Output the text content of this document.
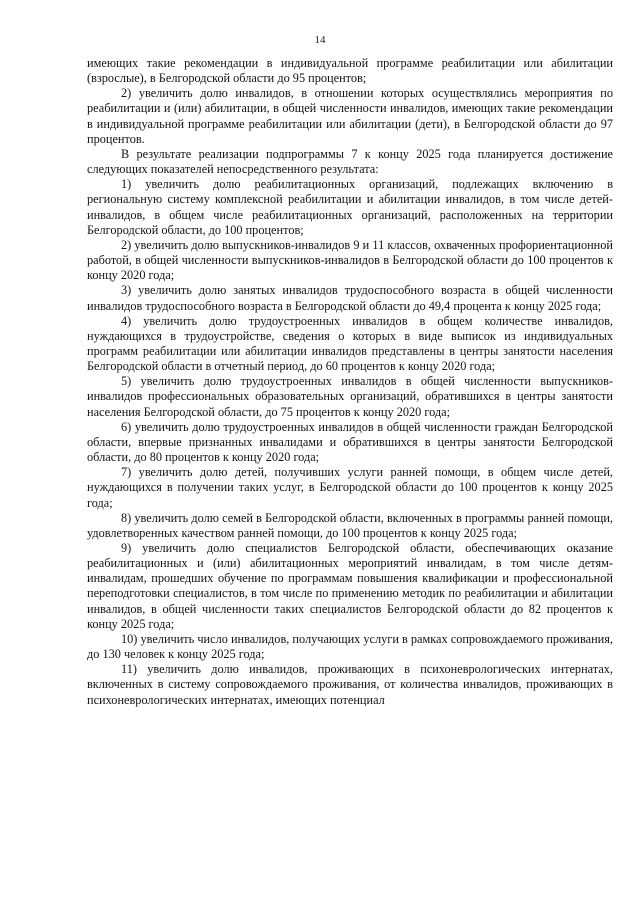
14

имеющих такие рекомендации в индивидуальной программе реабилитации или абилитации (взрослые), в Белгородской области до 95 процентов;

2) увеличить долю инвалидов, в отношении которых осуществлялись мероприятия по реабилитации и (или) абилитации, в общей численности инвалидов, имеющих такие рекомендации в индивидуальной программе реабилитации или абилитации (дети), в Белгородской области до 97 процентов.

В результате реализации подпрограммы 7 к концу 2025 года планируется достижение следующих показателей непосредственного результата:

1) увеличить долю реабилитационных организаций, подлежащих включению в региональную систему комплексной реабилитации и абилитации инвалидов, в том числе детей-инвалидов, в общем числе реабилитационных организаций, расположенных на территории Белгородской области, до 100 процентов;

2) увеличить долю выпускников-инвалидов 9 и 11 классов, охваченных профориентационной работой, в общей численности выпускников-инвалидов в Белгородской области до 100 процентов к концу 2020 года;

3) увеличить долю занятых инвалидов трудоспособного возраста в общей численности инвалидов трудоспособного возраста в Белгородской области до 49,4 процента к концу 2025 года;

4) увеличить долю трудоустроенных инвалидов в общем количестве инвалидов, нуждающихся в трудоустройстве, сведения о которых в виде выписок из индивидуальных программ реабилитации или абилитации инвалидов представлены в центры занятости населения Белгородской области в отчетный период, до 60 процентов к концу 2020 года;

5) увеличить долю трудоустроенных инвалидов в общей численности выпускников-инвалидов профессиональных образовательных организаций, обратившихся в центры занятости населения Белгородской области, до 75 процентов к концу 2020 года;

6) увеличить долю трудоустроенных инвалидов в общей численности граждан Белгородской области, впервые признанных инвалидами и обратившихся в центры занятости Белгородской области, до 80 процентов к концу 2020 года;

7) увеличить долю детей, получивших услуги ранней помощи, в общем числе детей, нуждающихся в получении таких услуг, в Белгородской области до 100 процентов к концу 2025 года;

8) увеличить долю семей в Белгородской области, включенных в программы ранней помощи, удовлетворенных качеством ранней помощи, до 100 процентов к концу 2025 года;

9) увеличить долю специалистов Белгородской области, обеспечивающих оказание реабилитационных и (или) абилитационных мероприятий инвалидам, в том числе детям-инвалидам, прошедших обучение по программам повышения квалификации и профессиональной переподготовки специалистов, в том числе по применению методик по реабилитации и абилитации инвалидов, в общей численности таких специалистов Белгородской области до 82 процентов к концу 2025 года;

10) увеличить число инвалидов, получающих услуги в рамках сопровождаемого проживания, до 130 человек к концу 2025 года;

11) увеличить долю инвалидов, проживающих в психоневрологических интернатах, включенных в систему сопровождаемого проживания, от количества инвалидов, проживающих в психоневрологических интернатах, имеющих потенциал
